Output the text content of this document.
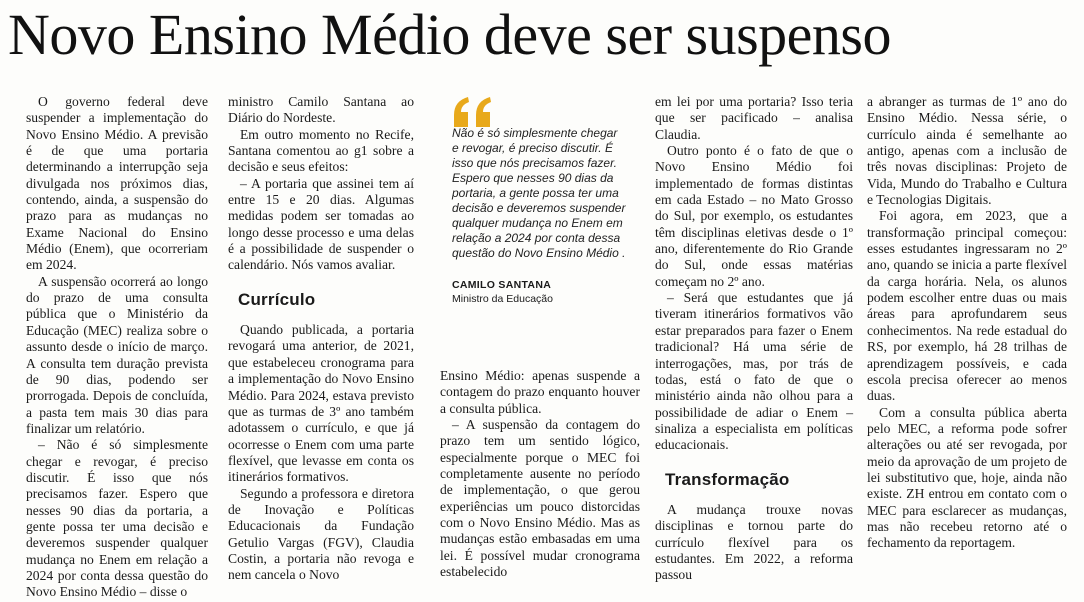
Novo Ensino Médio deve ser suspenso

O governo federal deve suspender a implementação do Novo Ensino Médio. A previsão é de que uma portaria determinando a interrupção seja divulgada nos próximos dias, contendo, ainda, a suspensão do prazo para as mudanças no Exame Nacional do Ensino Médio (Enem), que ocorreriam em 2024.

A suspensão ocorrerá ao longo do prazo de uma consulta pública que o Ministério da Educação (MEC) realiza sobre o assunto desde o início de março. A consulta tem duração prevista de 90 dias, podendo ser prorrogada. Depois de concluída, a pasta tem mais 30 dias para finalizar um relatório.

– Não é só simplesmente chegar e revogar, é preciso discutir. É isso que nós precisamos fazer. Espero que nesses 90 dias da portaria, a gente possa ter uma decisão e deveremos suspender qualquer mudança no Enem em relação a 2024 por conta dessa questão do Novo Ensino Médio – disse o

ministro Camilo Santana ao Diário do Nordeste.

Em outro momento no Recife, Santana comentou ao g1 sobre a decisão e seus efeitos:

– A portaria que assinei tem aí entre 15 e 20 dias. Algumas medidas podem ser tomadas ao longo desse processo e uma delas é a possibilidade de suspender o calendário. Nós vamos avaliar.

Currículo

Quando publicada, a portaria revogará uma anterior, de 2021, que estabeleceu cronograma para a implementação do Novo Ensino Médio. Para 2024, estava previsto que as turmas de 3º ano também adotassem o currículo, e que já ocorresse o Enem com uma parte flexível, que levasse em conta os itinerários formativos.

Segundo a professora e diretora de Inovação e Políticas Educacionais da Fundação Getulio Vargas (FGV), Claudia Costin, a portaria não revoga e nem cancela o Novo

Não é só simplesmente chegar e revogar, é preciso discutir. É isso que nós precisamos fazer. Espero que nesses 90 dias da portaria, a gente possa ter uma decisão e deveremos suspender qualquer mudança no Enem em relação a 2024 por conta dessa questão do Novo Ensino Médio .
CAMILO SANTANA
Ministro da Educação

Ensino Médio: apenas suspende a contagem do prazo enquanto houver a consulta pública.

– A suspensão da contagem do prazo tem um sentido lógico, especialmente porque o MEC foi completamente ausente no período de implementação, o que gerou experiências um pouco distorcidas com o Novo Ensino Médio. Mas as mudanças estão embasadas em uma lei. É possível mudar cronograma estabelecido

em lei por uma portaria? Isso teria que ser pacificado – analisa Claudia.

Outro ponto é o fato de que o Novo Ensino Médio foi implementado de formas distintas em cada Estado – no Mato Grosso do Sul, por exemplo, os estudantes têm disciplinas eletivas desde o 1º ano, diferentemente do Rio Grande do Sul, onde essas matérias começam no 2º ano.

– Será que estudantes que já tiveram itinerários formativos vão estar preparados para fazer o Enem tradicional? Há uma série de interrogações, mas, por trás de todas, está o fato de que o ministério ainda não olhou para a possibilidade de adiar o Enem – sinaliza a especialista em políticas educacionais.

Transformação

A mudança trouxe novas disciplinas e tornou parte do currículo flexível para os estudantes. Em 2022, a reforma passou

a abranger as turmas de 1º ano do Ensino Médio. Nessa série, o currículo ainda é semelhante ao antigo, apenas com a inclusão de três novas disciplinas: Projeto de Vida, Mundo do Trabalho e Cultura e Tecnologias Digitais.

Foi agora, em 2023, que a transformação principal começou: esses estudantes ingressaram no 2º ano, quando se inicia a parte flexível da carga horária. Nela, os alunos podem escolher entre duas ou mais áreas para aprofundarem seus conhecimentos. Na rede estadual do RS, por exemplo, há 28 trilhas de aprendizagem possíveis, e cada escola precisa oferecer ao menos duas.

Com a consulta pública aberta pelo MEC, a reforma pode sofrer alterações ou até ser revogada, por meio da aprovação de um projeto de lei substitutivo que, hoje, ainda não existe. ZH entrou em contato com o MEC para esclarecer as mudanças, mas não recebeu retorno até o fechamento da reportagem.
